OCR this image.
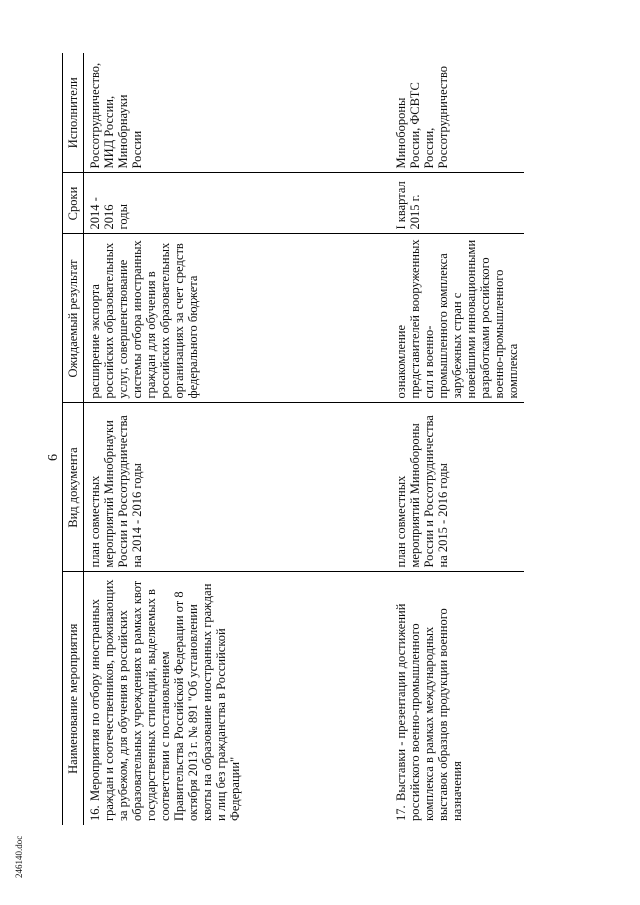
6
Наименование мероприятия	Вид документа	Ожидаемый результат	Сроки	Исполнители
16.Мероприятия по отбору иностранных граждан и соотечественников, проживающих за рубежом, для обучения в российских образовательных учреждениях в рамках квот государственных стипендий, выделяемых в соответствии с постановлением Правительства Российской Федерации от 8 октября 2013 г. № 891 "Об установлении квоты на образование иностранных граждан и лиц без гражданства в Российской Федерации"	план совместных мероприятий Минобрнауки России и Россотрудничества на 2014 - 2016 годы	расширение экспорта российских образовательных услуг, совершенствование системы отбора иностранных граждан для обучения в российских образовательных организациях за счет средств федерального бюджета	2014 - 2016 годы	Россотрудничество, МИД России, Минобрнауки России
17.Выставки - презентации достижений российского военно-промышленного комплекса в рамках международных выставок образцов продукции военного назначения	план совместных мероприятий Минобороны России и Россотрудничества на 2015 - 2016 годы	ознакомление представителей вооруженных сил и военно-промышленного комплекса зарубежных стран с новейшими инновационными разработками российского военно-промышленного комплекса	I квартал 2015 г.	Минобороны России, ФСВТС России, Россотрудничество
246140.doc
